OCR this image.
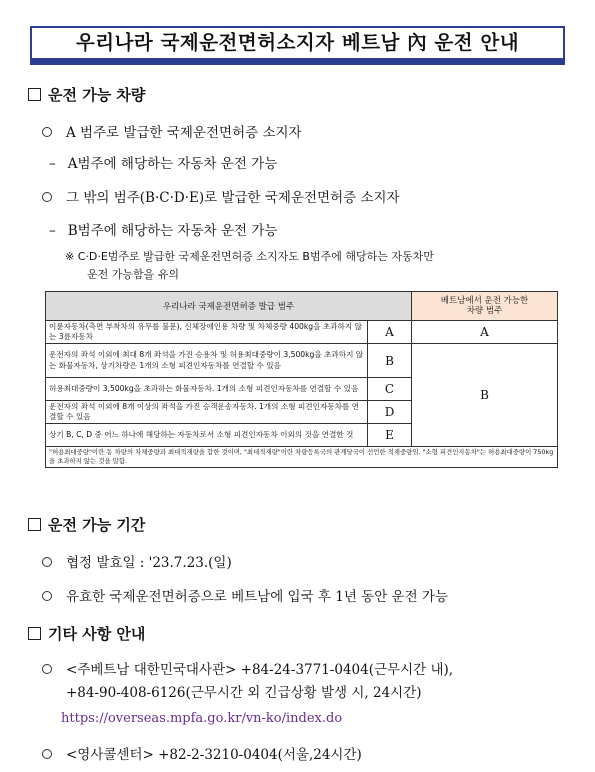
우리나라 국제운전면허소지자 베트남 內 운전 안내
운전 가능 차량
A 범주로 발급한 국제운전면허증 소지자
– A범주에 해당하는 자동차 운전 가능
그 밖의 범주(B·C·D·E)로 발급한 국제운전면허증 소지자
– B범주에 해당하는 자동차 운전 가능
※ C·D·E범주로 발급한 국제운전면허증 소지자도 B범주에 해당하는 자동차만
운전 가능함을 유의
우리나라 국제운전면허증 발급 범주		베트남에서 운전 가능한
차량 범주

이륜자동차(측면 부착차의 유무를 불문), 신체장애인용 차량 및 차체중량 400kg을 초과하지 않는 3륜자동차	A	A
운전자의 좌석 이외에 최대 8개 좌석을 가진 승용차 및 허용최대중량이 3,500kg을 초과하지 않는 화물자동차, 상기차량은 1개의 소형 피견인자동차를 연결할 수 있음	B	B
허용최대중량이 3,500kg을 초과하는 화물자동차. 1개의 소형 피견인자동차를 연결할 수 있음	C	
운전자의 좌석 이외에 8개 이상의 좌석을 가진 승객운송자동차. 1개의 소형 피견인자동차를 연결할 수 있음	D	
상기 B, C, D 중 어느 하나에 해당하는 자동차로서 소형 피견인자동차 이외의 것을 연결한 것	E	
"허용최대중량"이란 동 차량의 차체중량과 최대적재량을 합한 것이며, "최대적재량"이란 차량등록국의 관계당국이 선언한 적재중량임. "소형 피견인자동차"는 허용최대중량이 750kg을 초과하지 않는 것을 말함.		
운전 가능 기간
협정 발효일 : '23.7.23.(일)
유효한 국제운전면허증으로 베트남에 입국 후 1년 동안 운전 가능
기타 사항 안내
<주베트남 대한민국대사관> +84-24-3771-0404(근무시간 내),
+84-90-408-6126(근무시간 외 긴급상황 발생 시, 24시간)
https://overseas.mpfa.go.kr/vn-ko/index.do
<영사콜센터> +82-2-3210-0404(서울,24시간)
